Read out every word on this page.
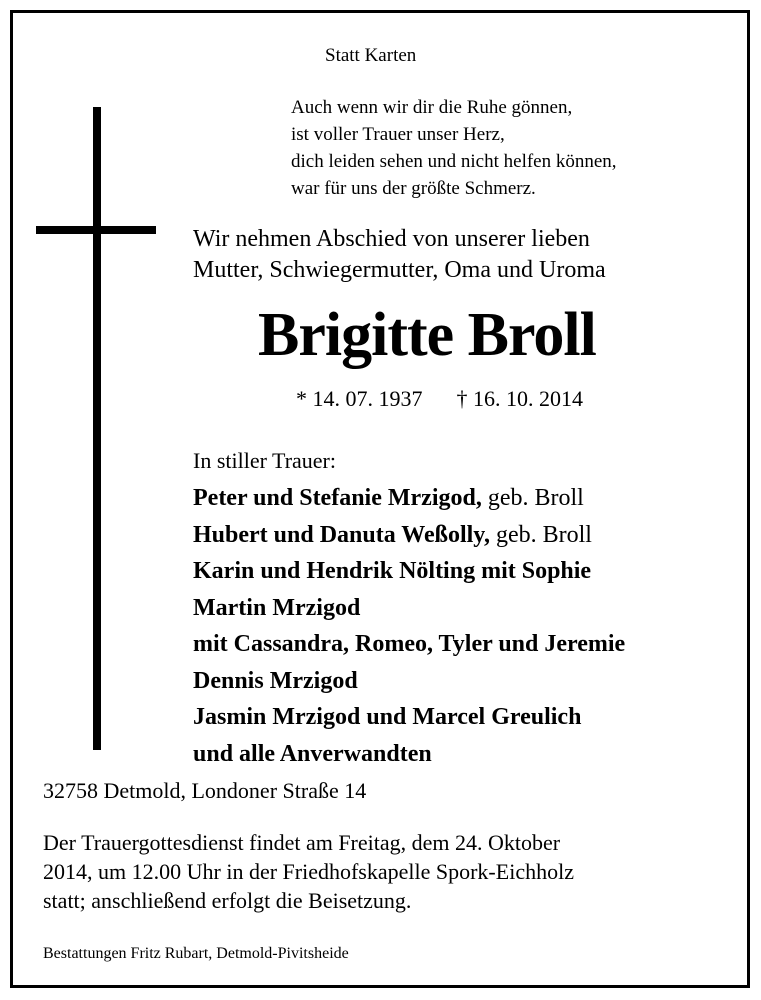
Statt Karten
Auch wenn wir dir die Ruhe gönnen,
ist voller Trauer unser Herz,
dich leiden sehen und nicht helfen können,
war für uns der größte Schmerz.
Wir nehmen Abschied von unserer lieben
Mutter, Schwiegermutter, Oma und Uroma
Brigitte Broll
* 14. 07. 1937 † 16. 10. 2014
In stiller Trauer:
Peter und Stefanie Mrzigod, geb. Broll
Hubert und Danuta Weßolly, geb. Broll
Karin und Hendrik Nölting mit Sophie
Martin Mrzigod
mit Cassandra, Romeo, Tyler und Jeremie
Dennis Mrzigod
Jasmin Mrzigod und Marcel Greulich
und alle Anverwandten
32758 Detmold, Londoner Straße 14
Der Trauergottesdienst findet am Freitag, dem 24. Oktober
2014, um 12.00 Uhr in der Friedhofskapelle Spork-Eichholz
statt; anschließend erfolgt die Beisetzung.
Bestattungen Fritz Rubart, Detmold-Pivitsheide
